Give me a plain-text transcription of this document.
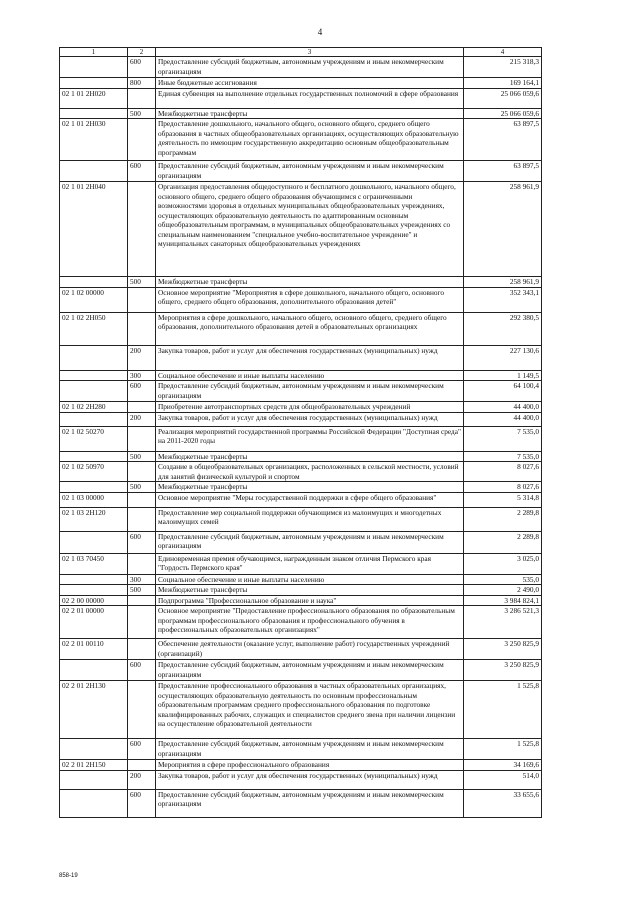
4
1	2	3	4
	600	Предоставление субсидий бюджетным, автономным учреждениям и иным некоммерческим организациям	215 318,3
	800	Иные бюджетные ассигнования	169 164,1
02 1 01 2Н020		Единая субвенция на выполнение отдельных государственных полномочий в сфере образования	25 066 059,6
	500	Межбюджетные трансферты	25 066 059,6
02 1 01 2Н030		Предоставление дошкольного, начального общего, основного общего, среднего общего образования в частных общеобразовательных организациях, осуществляющих образовательную деятельность по имеющим государственную аккредитацию основным общеобразовательным программам	63 897,5
	600	Предоставление субсидий бюджетным, автономным учреждениям и иным некоммерческим организациям	63 897,5
02 1 01 2Н040		Организация предоставления общедоступного и бесплатного дошкольного, начального общего, основного общего, среднего общего образования обучающимся с ограниченными возможностями здоровья в отдельных муниципальных общеобразовательных учреждениях, осуществляющих образовательную деятельность по адаптированным основным общеобразовательным программам, в муниципальных общеобразовательных учреждениях со специальным наименованием "специальное учебно-воспитательное учреждение" и муниципальных санаторных общеобразовательных учреждениях	258 961,9
	500	Межбюджетные трансферты	258 961,9
02 1 02 00000		Основное мероприятие "Мероприятия в сфере дошкольного, начального общего, основного общего, среднего общего образования, дополнительного образования детей"	352 343,1
02 1 02 2Н050		Мероприятия в сфере дошкольного, начального общего, основного общего, среднего общего образования, дополнительного образования детей в образовательных организациях	292 380,5
	200	Закупка товаров, работ и услуг для обеспечения государственных (муниципальных) нужд	227 130,6
	300	Социальное обеспечение и иные выплаты населению	1 149,5
	600	Предоставление субсидий бюджетным, автономным учреждениям и иным некоммерческим организациям	64 100,4
02 1 02 2Н280		Приобретение автотранспортных средств для общеобразовательных учреждений	44 400,0
	200	Закупка товаров, работ и услуг для обеспечения государственных (муниципальных) нужд	44 400,0
02 1 02 50270		Реализация мероприятий государственной программы Российской Федерации "Доступная среда" на 2011-2020 годы	7 535,0
	500	Межбюджетные трансферты	7 535,0
02 1 02 50970		Создание в общеобразовательных организациях, расположенных в сельской местности, условий для занятий физической культурой и спортом	8 027,6
	500	Межбюджетные трансферты	8 027,6
02 1 03 00000		Основное мероприятие "Меры государственной поддержки в сфере общего образования"	5 314,8
02 1 03 2Н120		Предоставление мер социальной поддержки обучающимся из малоимущих и многодетных малоимущих семей	2 289,8
	600	Предоставление субсидий бюджетным, автономным учреждениям и иным некоммерческим организациям	2 289,8
02 1 03 70450		Единовременная премия обучающимся, награжденным знаком отличия Пермского края "Гордость Пермского края"	3 025,0
	300	Социальное обеспечение и иные выплаты населению	535,0
	500	Межбюджетные трансферты	2 490,0
02 2 00 00000		Подпрограмма "Профессиональное образование и наука"	3 984 824,1
02 2 01 00000		Основное мероприятие "Предоставление профессионального образования по образовательным программам профессионального образования и профессионального обучения в профессиональных образовательных организациях"	3 286 521,3
02 2 01 00110		Обеспечение деятельности (оказание услуг, выполнение работ) государственных учреждений (организаций)	3 250 825,9
	600	Предоставление субсидий бюджетным, автономным учреждениям и иным некоммерческим организациям	3 250 825,9
02 2 01 2Н130		Предоставление профессионального образования в частных образовательных организациях, осуществляющих образовательную деятельность по основным профессиональным образовательным программам среднего профессионального образования по подготовке квалифицированных рабочих, служащих и специалистов среднего звена при наличии лицензии на осуществление образовательной деятельности	1 525,8
	600	Предоставление субсидий бюджетным, автономным учреждениям и иным некоммерческим организациям	1 525,8
02 2 01 2Н150		Мероприятия в сфере профессионального образования	34 169,6
	200	Закупка товаров, работ и услуг для обеспечения государственных (муниципальных) нужд	514,0
	600	Предоставление субсидий бюджетным, автономным учреждениям и иным некоммерческим организациям	33 655,6
858-19
